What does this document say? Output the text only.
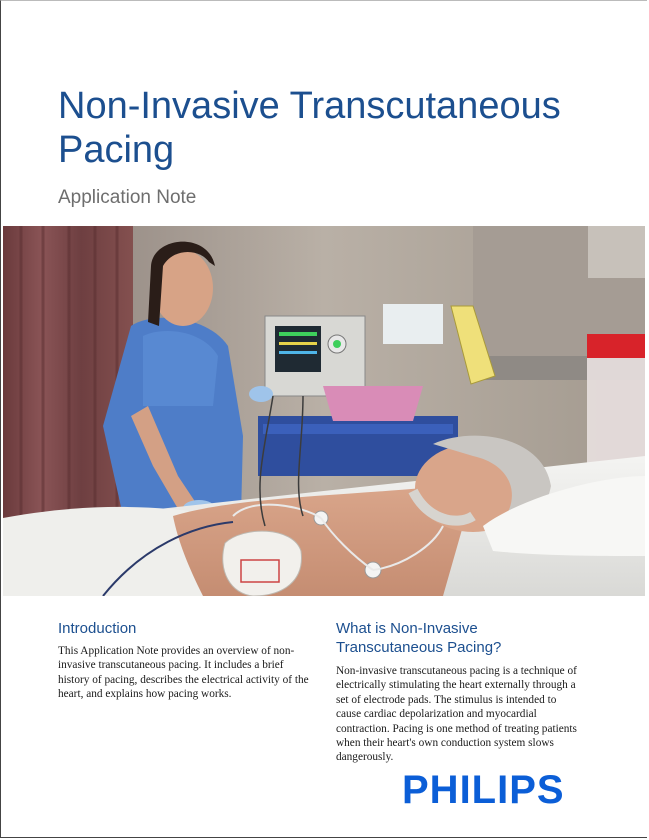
Non-Invasive Transcutaneous Pacing
Application Note
Introduction
This Application Note provides an overview of non-invasive transcutaneous pacing. It includes a brief history of pacing, describes the electrical activity of the heart, and explains how pacing works.
What is Non-Invasive
Transcutaneous Pacing?
Non-invasive transcutaneous pacing is a technique of electrically stimulating the heart externally through a set of electrode pads. The stimulus is intended to cause cardiac depolarization and myocardial contraction. Pacing is one method of treating patients when their heart's own conduction system slows dangerously.
PHILIPS
